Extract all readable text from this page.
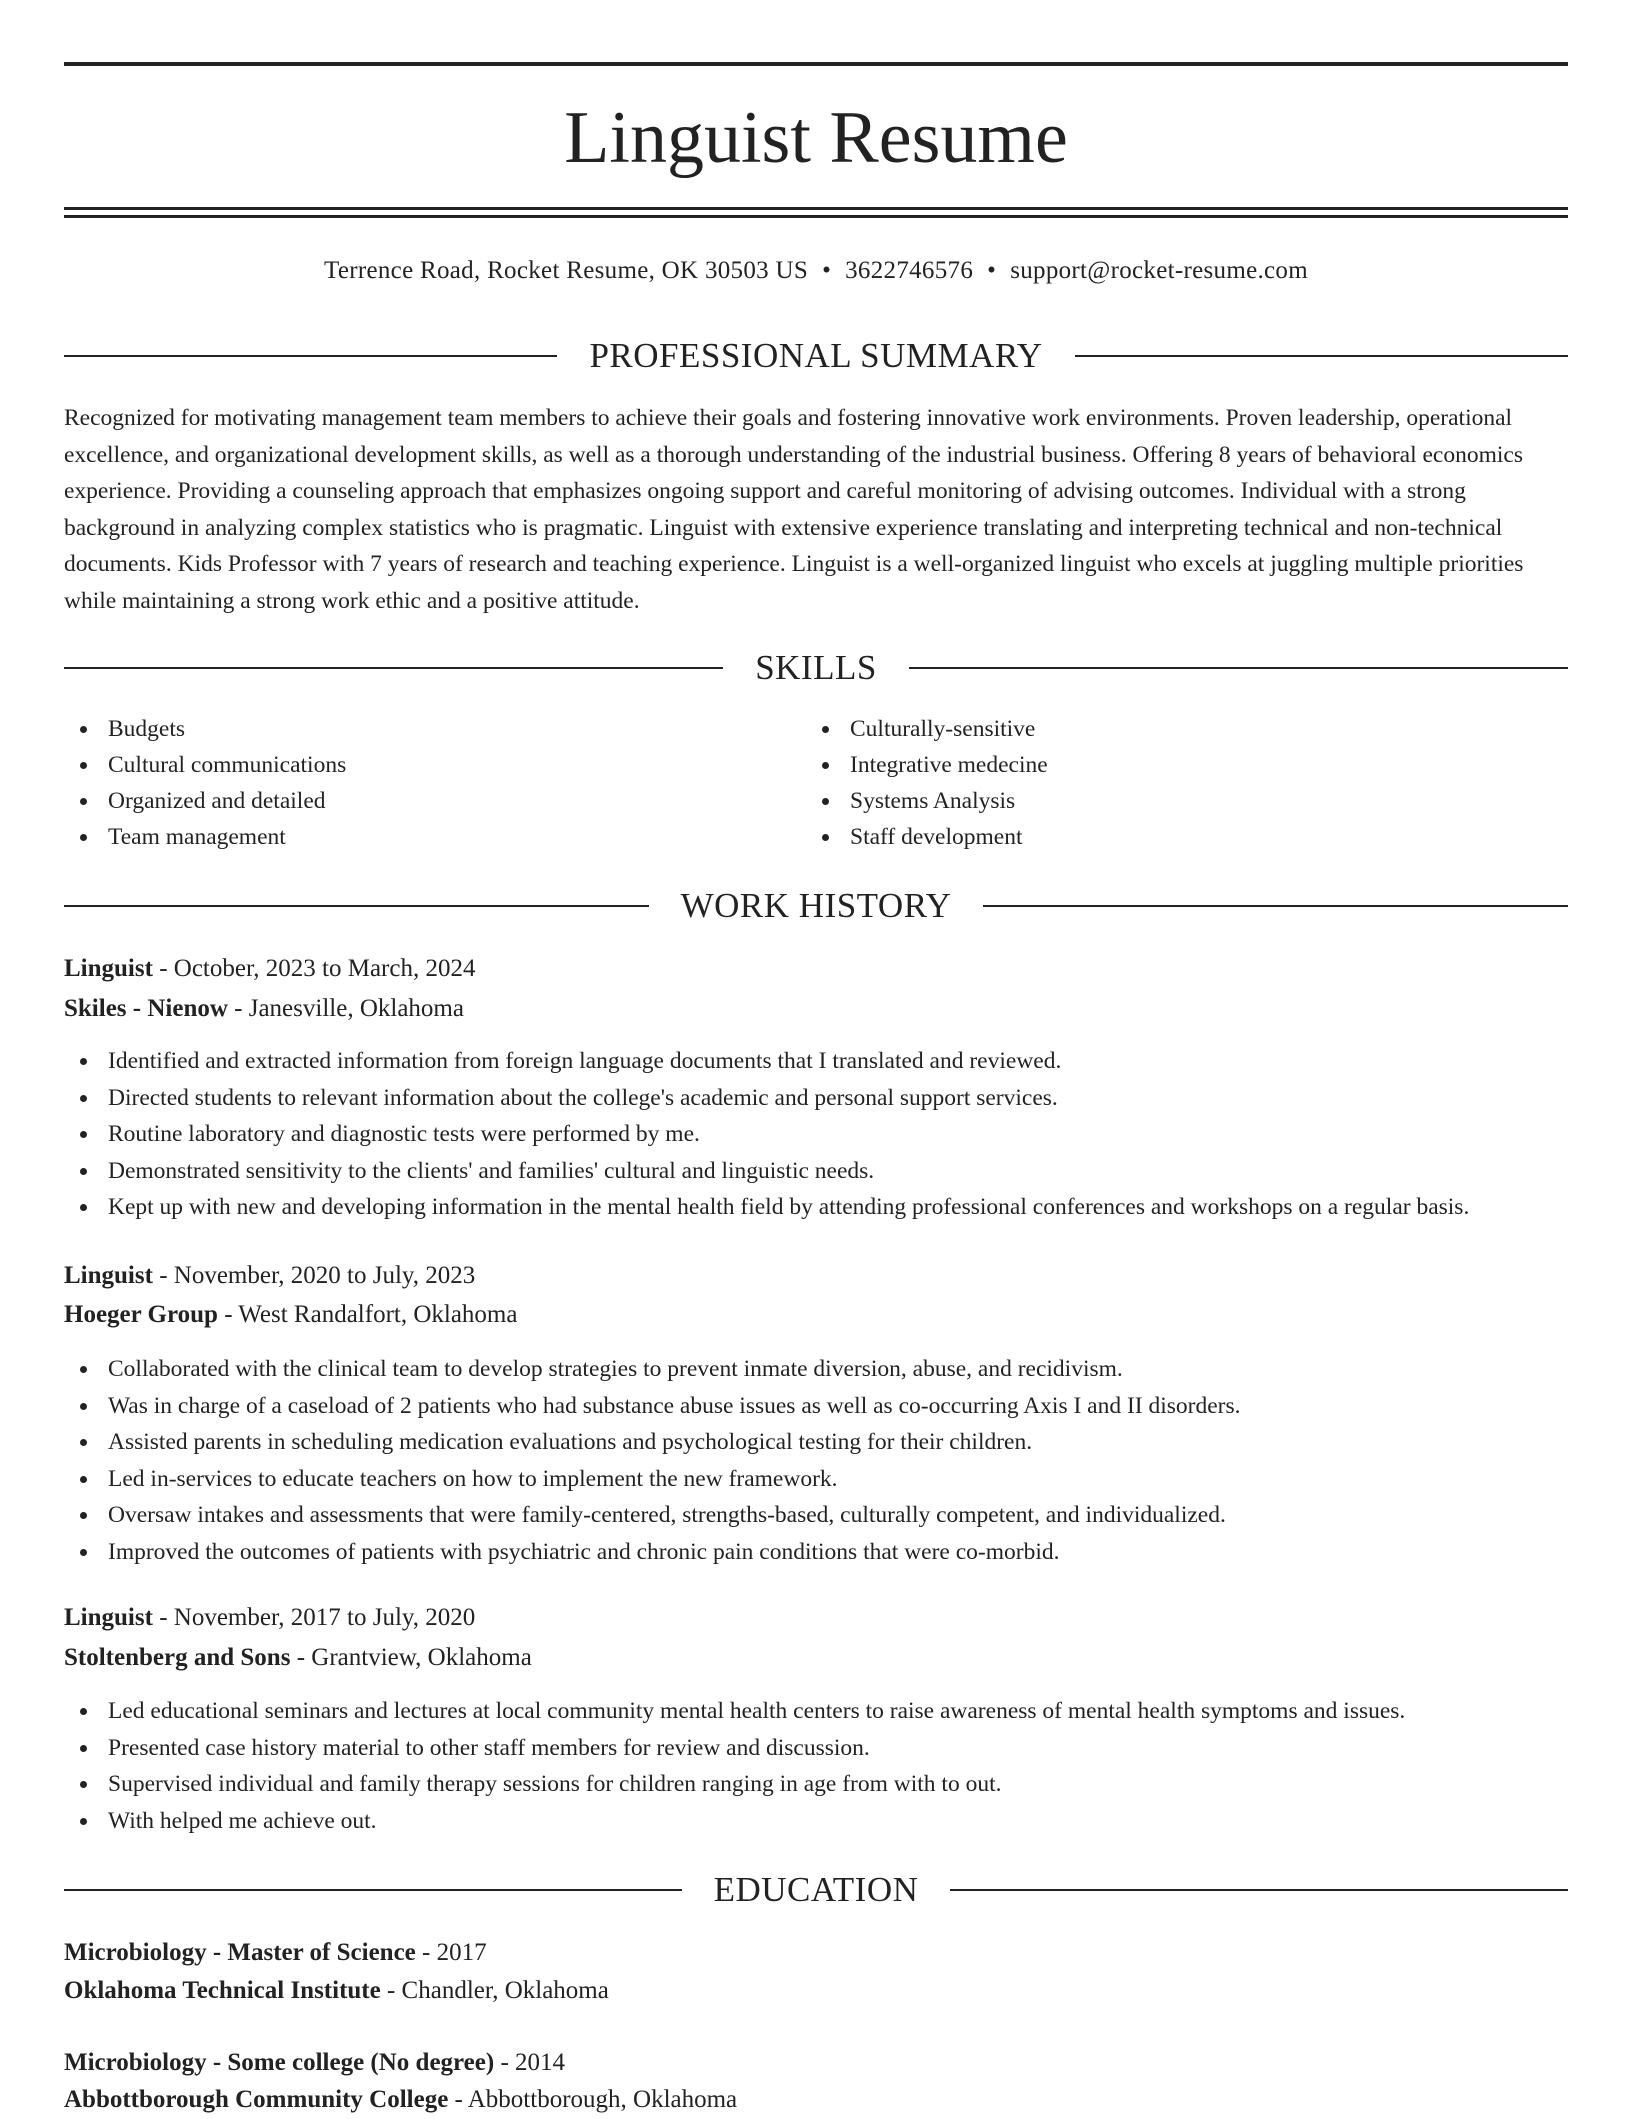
Linguist Resume
Terrence Road, Rocket Resume, OK 30503 US • 3622746576 • support@rocket-resume.com
PROFESSIONAL SUMMARY

Recognized for motivating management team members to achieve their goals and fostering innovative work environments. Proven leadership, operational excellence, and organizational development skills, as well as a thorough understanding of the industrial business. Offering 8 years of behavioral economics experience. Providing a counseling approach that emphasizes ongoing support and careful monitoring of advising outcomes. Individual with a strong background in analyzing complex statistics who is pragmatic. Linguist with extensive experience translating and interpreting technical and non-technical documents. Kids Professor with 7 years of research and teaching experience. Linguist is a well-organized linguist who excels at juggling multiple priorities while maintaining a strong work ethic and a positive attitude.

SKILLS
Budgets
Cultural communications
Organized and detailed
Team management
Culturally-sensitive
Integrative medecine
Systems Analysis
Staff development
WORK HISTORY
Linguist - October, 2023 to March, 2024
Skiles - Nienow - Janesville, Oklahoma
Identified and extracted information from foreign language documents that I translated and reviewed.
Directed students to relevant information about the college's academic and personal support services.
Routine laboratory and diagnostic tests were performed by me.
Demonstrated sensitivity to the clients' and families' cultural and linguistic needs.
Kept up with new and developing information in the mental health field by attending professional conferences and workshops on a regular basis.
Linguist - November, 2020 to July, 2023
Hoeger Group - West Randalfort, Oklahoma
Collaborated with the clinical team to develop strategies to prevent inmate diversion, abuse, and recidivism.
Was in charge of a caseload of 2 patients who had substance abuse issues as well as co-occurring Axis I and II disorders.
Assisted parents in scheduling medication evaluations and psychological testing for their children.
Led in-services to educate teachers on how to implement the new framework.
Oversaw intakes and assessments that were family-centered, strengths-based, culturally competent, and individualized.
Improved the outcomes of patients with psychiatric and chronic pain conditions that were co-morbid.
Linguist - November, 2017 to July, 2020
Stoltenberg and Sons - Grantview, Oklahoma
Led educational seminars and lectures at local community mental health centers to raise awareness of mental health symptoms and issues.
Presented case history material to other staff members for review and discussion.
Supervised individual and family therapy sessions for children ranging in age from with to out.
With helped me achieve out.
EDUCATION
Microbiology - Master of Science - 2017
Oklahoma Technical Institute - Chandler, Oklahoma
Microbiology - Some college (No degree) - 2014
Abbottborough Community College - Abbottborough, Oklahoma
